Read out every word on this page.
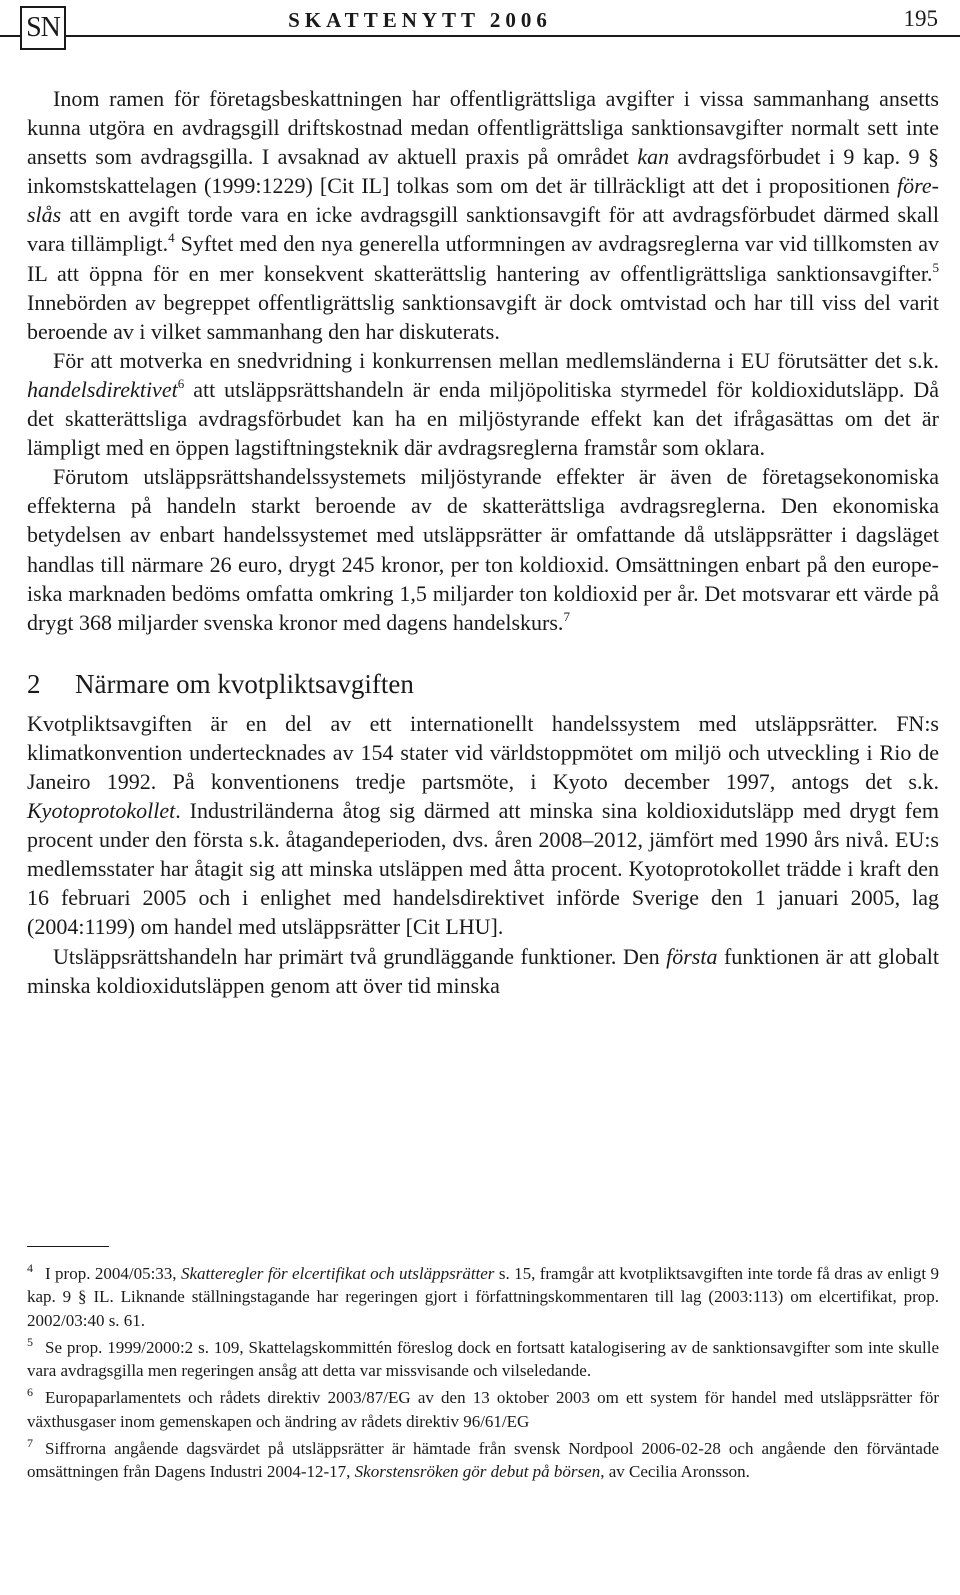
SN	SKATTENYTT 2006	195

Inom ramen för företagsbeskattningen har offentligrättsliga avgifter i vissa sammanhang ansetts kunna utgöra en avdragsgill driftskostnad medan offentligrättsliga sanktionsavgifter normalt sett inte ansetts som avdragsgilla. I avsaknad av aktuell praxis på området kan avdragsförbudet i 9 kap. 9 § inkomstskattelagen (1999:1229) [Cit IL] tolkas som om det är tillräckligt att det i propositionen föreslås att en avgift torde vara en icke avdragsgill sanktionsavgift för att avdragsförbudet därmed skall vara tillämpligt.$^4$ Syftet med den nya generella utformningen av avdragsreglerna var vid tillkomsten av IL att öppna för en mer konsekvent skatterättslig hantering av offentligrättsliga sanktionsavgifter.$^5$ Innebörden av begreppet offentligrättslig sanktionsavgift är dock omtvistad och har till viss del varit beroende av i vilket sammanhang den har diskuterats.

För att motverka en snedvridning i konkurrensen mellan medlemsländerna i EU förutsätter det s.k. handelsdirektivet$^6$ att utsläppsrättshandeln är enda miljöpolitiska styrmedel för koldioxidutsläpp. Då det skatterättsliga avdragsförbudet kan ha en miljöstyrande effekt kan det ifrågasättas om det är lämpligt med en öppen lagstiftningsteknik där avdragsreglerna framstår som oklara.

Förutom utsläppsrättshandelssystemets miljöstyrande effekter är även de företagsekonomiska effekterna på handeln starkt beroende av de skatterättsliga avdragsreglerna. Den ekonomiska betydelsen av enbart handelssystemet med utsläppsrätter är omfattande då utsläppsrätter i dagsläget handlas till närmare 26 euro, drygt 245 kronor, per ton koldioxid. Omsättningen enbart på den europeiska marknaden bedöms omfatta omkring 1,5 miljarder ton koldioxid per år. Det motsvarar ett värde på drygt 368 miljarder svenska kronor med dagens handelskurs.$^7$

2	Närmare om kvotpliktsavgiften

Kvotpliktsavgiften är en del av ett internationellt handelssystem med utsläppsrätter. FN:s klimatkonvention undertecknades av 154 stater vid världstoppmötet om miljö och utveckling i Rio de Janeiro 1992. På konventionens tredje partsmöte, i Kyoto december 1997, antogs det s.k. Kyotoprotokollet. Industriländerna åtog sig därmed att minska sina koldioxidutsläpp med drygt fem procent under den första s.k. åtagandeperioden, dvs. åren 2008–2012, jämfört med 1990 års nivå. EU:s medlemsstater har åtagit sig att minska utsläppen med åtta procent. Kyotoprotokollet trädde i kraft den 16 februari 2005 och i enlighet med handelsdirektivet införde Sverige den 1 januari 2005, lag (2004:1199) om handel med utsläppsrätter [Cit LHU].

Utsläppsrättshandeln har primärt två grundläggande funktioner. Den första funktionen är att globalt minska koldioxidutsläppen genom att över tid minska

$^4$ I prop. 2004/05:33, Skatteregler för elcertifikat och utsläppsrätter s. 15, framgår att kvotpliktsavgiften inte torde få dras av enligt 9 kap. 9 § IL. Liknande ställningstagande har regeringen gjort i författningskommentaren till lag (2003:113) om elcertifikat, prop. 2002/03:40 s. 61.

$^5$ Se prop. 1999/2000:2 s. 109, Skattelagskommittén föreslog dock en fortsatt katalogisering av de sanktionsavgifter som inte skulle vara avdragsgilla men regeringen ansåg att detta var missvisande och vilseledande.

$^6$ Europaparlamentets och rådets direktiv 2003/87/EG av den 13 oktober 2003 om ett system för handel med utsläppsrätter för växthusgaser inom gemenskapen och ändring av rådets direktiv 96/61/EG

$^7$ Siffrorna angående dagsvärdet på utsläppsrätter är hämtade från svensk Nordpool 2006-02-28 och angående den förväntade omsättningen från Dagens Industri 2004-12-17, Skorstensröken gör debut på börsen, av Cecilia Aronsson.
